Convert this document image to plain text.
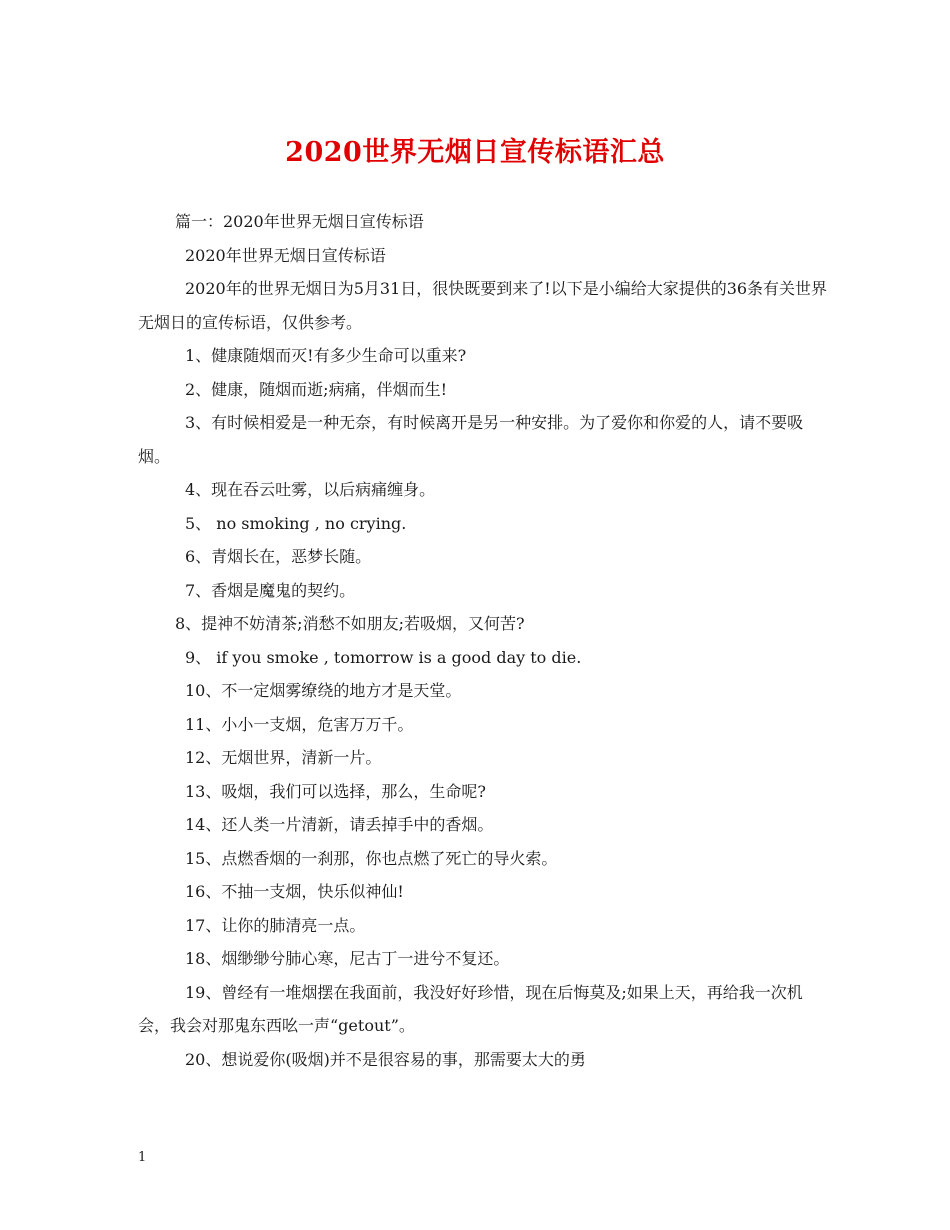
2020世界无烟日宣传标语汇总
篇一：2020年世界无烟日宣传标语
2020年世界无烟日宣传标语
2020年的世界无烟日为5月31日，很快既要到来了!以下是小编给大家提供的36条有关世界无烟日的宣传标语，仅供参考。
1、健康随烟而灭!有多少生命可以重来?
2、健康，随烟而逝;病痛，伴烟而生!
3、有时候相爱是一种无奈，有时候离开是另一种安排。为了爱你和你爱的人，请不要吸烟。
4、现在吞云吐雾，以后病痛缠身。
5、 no smoking , no crying.
6、青烟长在，恶梦长随。
7、香烟是魔鬼的契约。
8、提神不妨清茶;消愁不如朋友;若吸烟，又何苦?
9、 if you smoke , tomorrow is a good day to die.
10、不一定烟雾缭绕的地方才是天堂。
11、小小一支烟，危害万万千。
12、无烟世界，清新一片。
13、吸烟，我们可以选择，那么，生命呢?
14、还人类一片清新，请丢掉手中的香烟。
15、点燃香烟的一刹那，你也点燃了死亡的导火索。
16、不抽一支烟，快乐似神仙!
17、让你的肺清亮一点。
18、烟缈缈兮肺心寒，尼古丁一进兮不复还。
19、曾经有一堆烟摆在我面前，我没好好珍惜，现在后悔莫及;如果上天，再给我一次机会，我会对那鬼东西吆一声“getout”。
20、想说爱你(吸烟)并不是很容易的事，那需要太大的勇
1
